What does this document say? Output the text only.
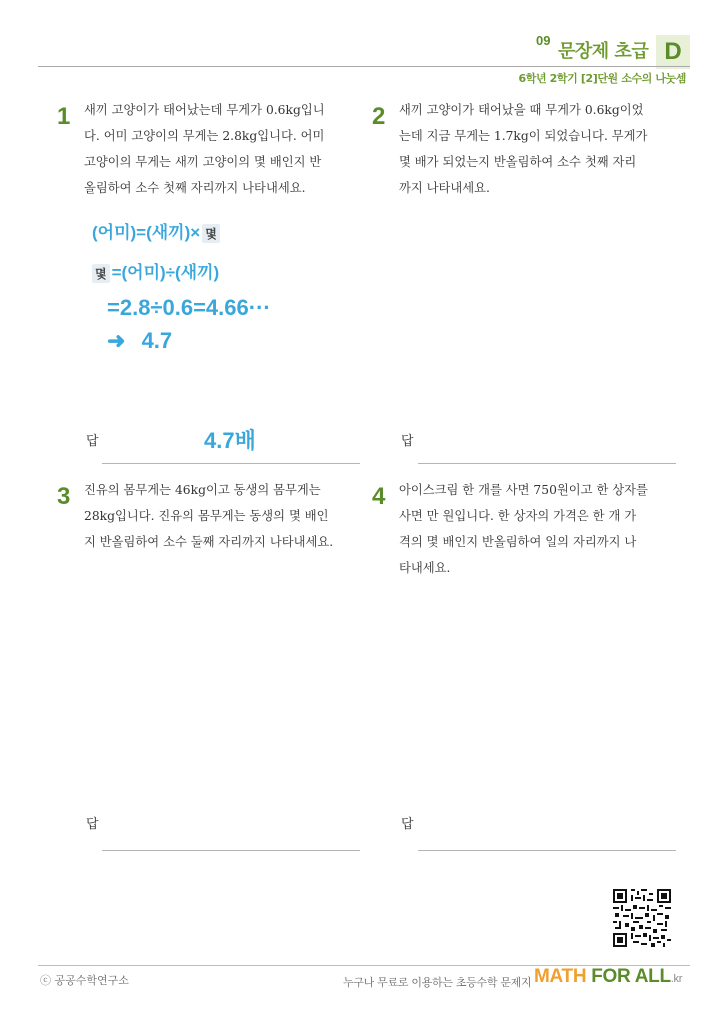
09
문장제 초급 D
6학년 2학기 [2]단원 소수의 나눗셈
1 새끼 고양이가 태어났는데 무게가 0.6kg입니
다. 어미 고양이의 무게는 2.8kg입니다. 어미
고양이의 무게는 새끼 고양이의 몇 배인지 반
올림하여 소수 첫째 자리까지 나타내세요.
(어미)=(새끼)× 몇
몇 =(어미)÷(새끼)
=2.8÷0.6=4.66···
➜ 4.7
답	4.7배
2 새끼 고양이가 태어났을 때 무게가 0.6kg이었
는데 지금 무게는 1.7kg이 되었습니다. 무게가
몇 배가 되었는지 반올림하여 소수 첫째 자리
까지 나타내세요.
답
3 진유의 몸무게는 46kg이고 동생의 몸무게는
28kg입니다. 진유의 몸무게는 동생의 몇 배인
지 반올림하여 소수 둘째 자리까지 나타내세요.
답
4 아이스크림 한 개를 사면 750원이고 한 상자를
사면 만 원입니다. 한 상자의 가격은 한 개 가
격의 몇 배인지 반올림하여 일의 자리까지 나
타내세요.
답
ⓒ 공공수학연구소	누구나 무료로 이용하는 초등수학 문제지 MATH FOR ALL.kr
